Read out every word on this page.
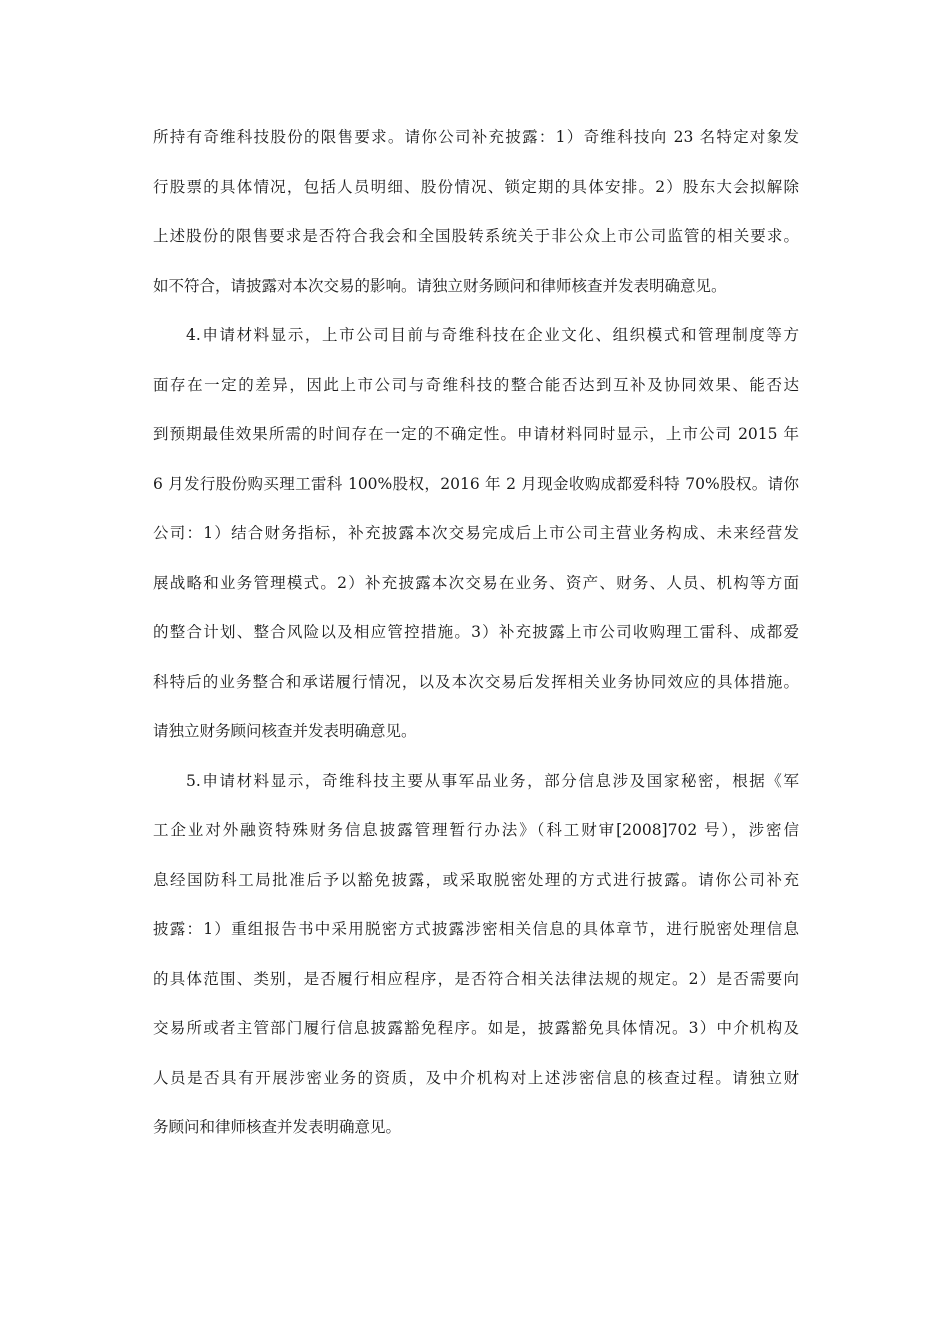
所持有奇维科技股份的限售要求。请你公司补充披露：1）奇维科技向 23 名特定对象发
行股票的具体情况，包括人员明细、股份情况、锁定期的具体安排。2）股东大会拟解除
上述股份的限售要求是否符合我会和全国股转系统关于非公众上市公司监管的相关要求。
如不符合，请披露对本次交易的影响。请独立财务顾问和律师核查并发表明确意见。
4.申请材料显示，上市公司目前与奇维科技在企业文化、组织模式和管理制度等方
面存在一定的差异，因此上市公司与奇维科技的整合能否达到互补及协同效果、能否达
到预期最佳效果所需的时间存在一定的不确定性。申请材料同时显示，上市公司 2015 年
6 月发行股份购买理工雷科 100%股权，2016 年 2 月现金收购成都爱科特 70%股权。请你
公司：1）结合财务指标，补充披露本次交易完成后上市公司主营业务构成、未来经营发
展战略和业务管理模式。2）补充披露本次交易在业务、资产、财务、人员、机构等方面
的整合计划、整合风险以及相应管控措施。3）补充披露上市公司收购理工雷科、成都爱
科特后的业务整合和承诺履行情况，以及本次交易后发挥相关业务协同效应的具体措施。
请独立财务顾问核查并发表明确意见。
5.申请材料显示，奇维科技主要从事军品业务，部分信息涉及国家秘密，根据《军
工企业对外融资特殊财务信息披露管理暂行办法》（科工财审[2008]702 号），涉密信
息经国防科工局批准后予以豁免披露，或采取脱密处理的方式进行披露。请你公司补充
披露：1）重组报告书中采用脱密方式披露涉密相关信息的具体章节，进行脱密处理信息
的具体范围、类别，是否履行相应程序，是否符合相关法律法规的规定。2）是否需要向
交易所或者主管部门履行信息披露豁免程序。如是，披露豁免具体情况。3）中介机构及
人员是否具有开展涉密业务的资质，及中介机构对上述涉密信息的核查过程。请独立财
务顾问和律师核查并发表明确意见。
